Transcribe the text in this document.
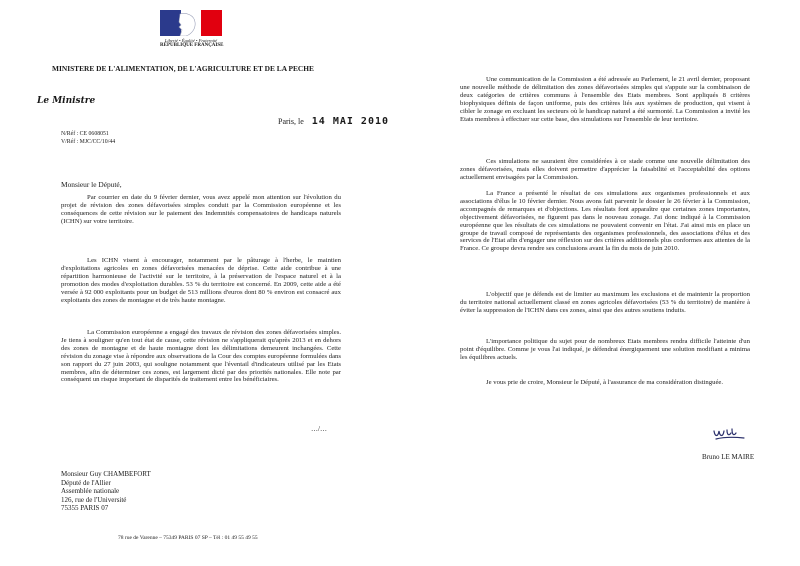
Liberté • Égalité • Fraternité
RÉPUBLIQUE FRANÇAISE
MINISTERE DE L'ALIMENTATION, DE L'AGRICULTURE ET DE LA PECHE
Le Ministre
Paris, le 14 MAI 2010
N/Réf : CE 0608051
V/Réf : MJC/CC/10/44
Monsieur le Député,
Par courrier en date du 9 février dernier, vous avez appelé mon attention sur l'évolution du projet de révision des zones défavorisées simples conduit par la Commission européenne et les conséquences de cette révision sur le paiement des Indemnités compensatoires de handicaps naturels (ICHN) sur votre territoire.
Les ICHN visent à encourager, notamment par le pâturage à l'herbe, le maintien d'exploitations agricoles en zones défavorisées menacées de déprise. Cette aide contribue à une répartition harmonieuse de l'activité sur le territoire, à la préservation de l'espace naturel et à la promotion des modes d'exploitation durables. 53 % du territoire est concerné. En 2009, cette aide a été versée à 92 000 exploitants pour un budget de 513 millions d'euros dont 80 % environ est consacré aux exploitants des zones de montagne et de très haute montagne.
La Commission européenne a engagé des travaux de révision des zones défavorisées simples. Je tiens à souligner qu'en tout état de cause, cette révision ne s'appliquerait qu'après 2013 et en dehors des zones de montagne et de haute montagne dont les délimitations demeurent inchangées. Cette révision du zonage vise à répondre aux observations de la Cour des comptes européenne formulées dans son rapport du 27 juin 2003, qui souligne notamment que l'éventail d'indicateurs utilisé par les Etats membres, afin de déterminer ces zones, est largement dicté par des priorités nationales. Elle note par conséquent un risque important de disparités de traitement entre les bénéficiaires.
…/…
Monsieur Guy CHAMBEFORT
Député de l'Allier
Assemblée nationale
126, rue de l'Université
75355 PARIS 07
78 rue de Varenne – 75349 PARIS 07 SP – Tél : 01 49 55 49 55
Une communication de la Commission a été adressée au Parlement, le 21 avril dernier, proposant une nouvelle méthode de délimitation des zones défavorisées simples qui s'appuie sur la combinaison de deux catégories de critères communs à l'ensemble des Etats membres. Sont appliqués 8 critères biophysiques définis de façon uniforme, puis des critères liés aux systèmes de production, qui visent à cibler le zonage en excluant les secteurs où le handicap naturel a été surmonté. La Commission a invité les Etats membres à effectuer sur cette base, des simulations sur l'ensemble de leur territoire.
Ces simulations ne sauraient être considérées à ce stade comme une nouvelle délimitation des zones défavorisées, mais elles doivent permettre d'apprécier la faisabilité et l'acceptabilité des options actuellement envisagées par la Commission.
La France a présenté le résultat de ces simulations aux organismes professionnels et aux associations d'élus le 10 février dernier. Nous avons fait parvenir le dossier le 26 février à la Commission, accompagnés de remarques et d'objections. Les résultats font apparaître que certaines zones importantes, objectivement défavorisées, ne figurent pas dans le nouveau zonage. J'ai donc indiqué à la Commission européenne que les résultats de ces simulations ne pouvaient convenir en l'état. J'ai ainsi mis en place un groupe de travail composé de représentants des organismes professionnels, des associations d'élus et des services de l'Etat afin d'engager une réflexion sur des critères additionnels plus conformes aux attentes de la France. Ce groupe devra rendre ses conclusions avant la fin du mois de juin 2010.
L'objectif que je défends est de limiter au maximum les exclusions et de maintenir la proportion du territoire national actuellement classé en zones agricoles défavorisées (53 % du territoire) de manière à éviter la suppression de l'ICHN dans ces zones, ainsi que des autres soutiens induits.
L'importance politique du sujet pour de nombreux Etats membres rendra difficile l'atteinte d'un point d'équilibre. Comme je vous l'ai indiqué, je défendrai énergiquement une solution modifiant a minima les équilibres actuels.
Je vous prie de croire, Monsieur le Député, à l'assurance de ma considération distinguée.
Bruno LE MAIRE
